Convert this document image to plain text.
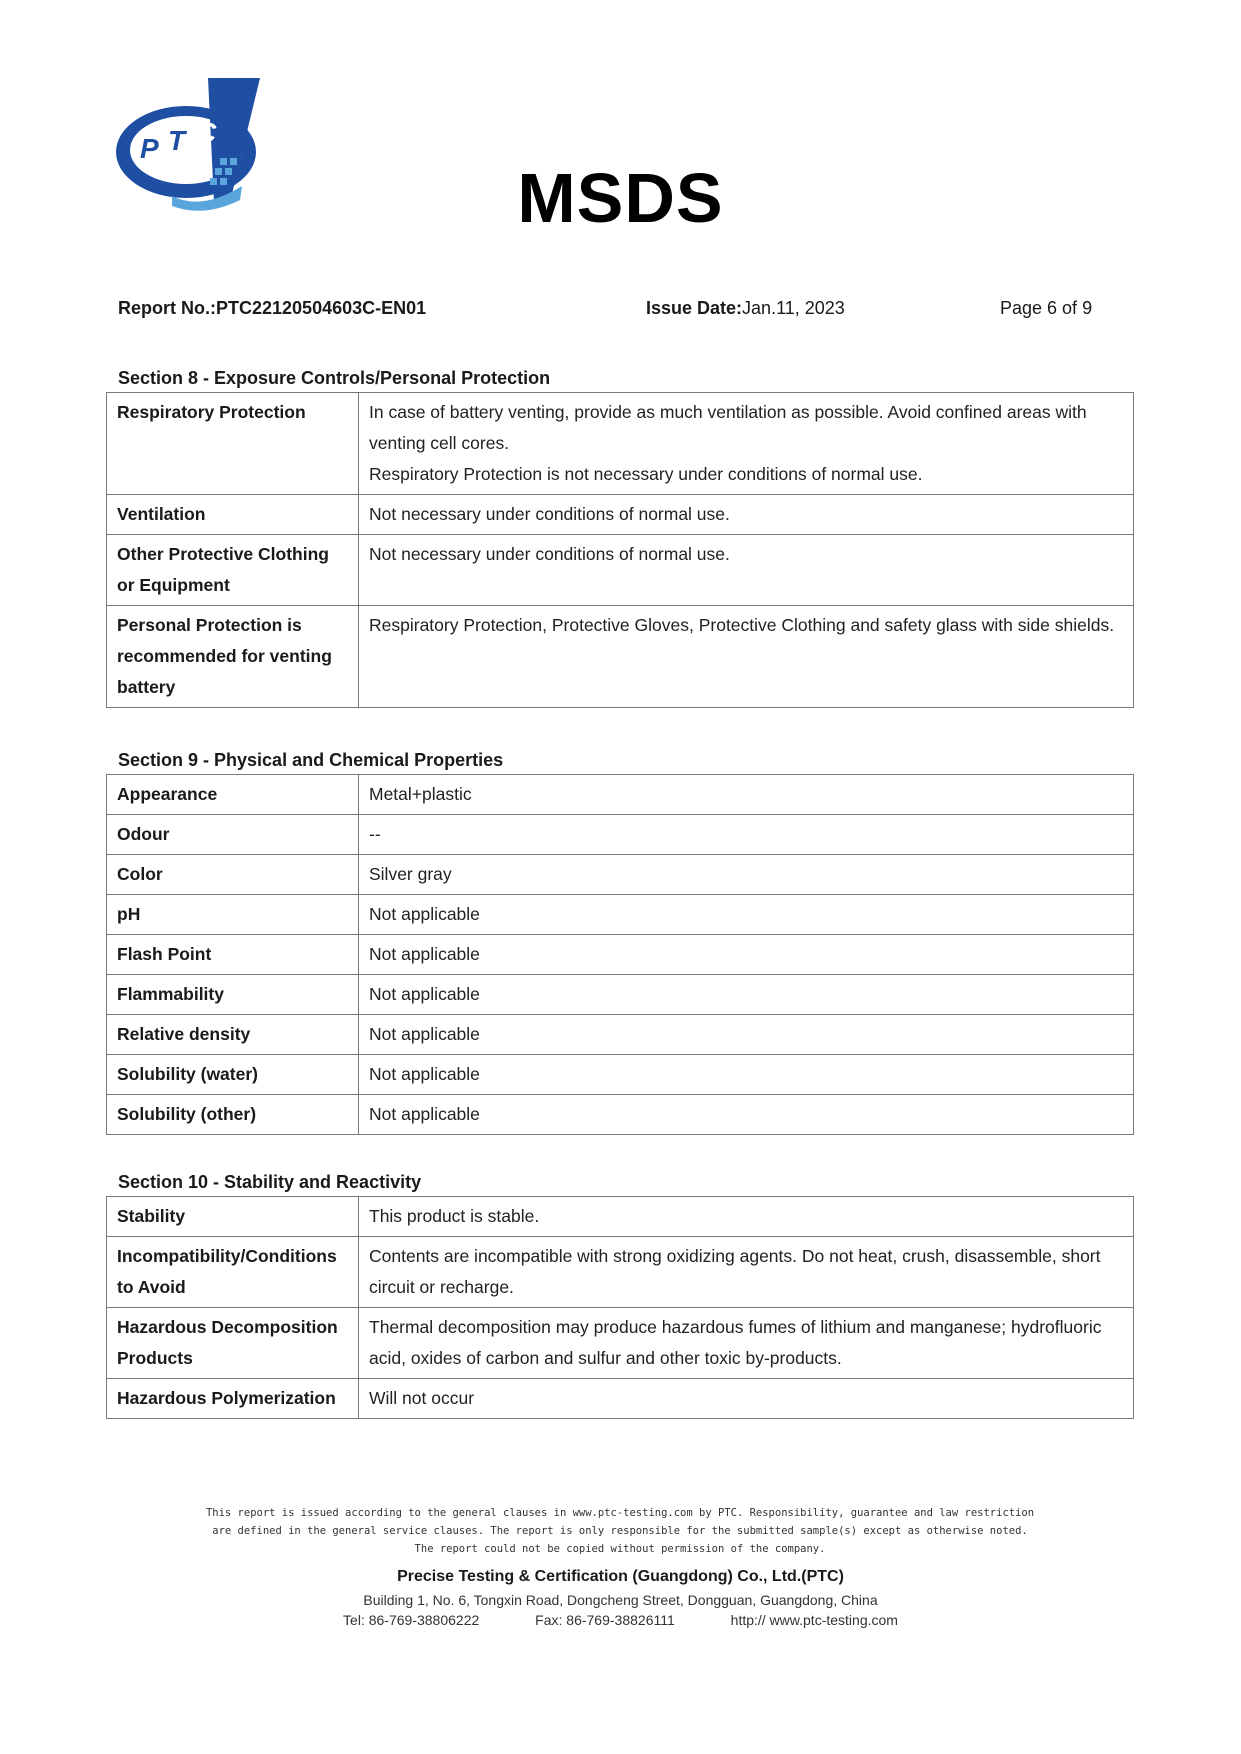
P T C
MSDS
Report No.:PTC22120504603C-EN01	Issue Date:Jan.11, 2023	Page 6 of 9
Section 8 - Exposure Controls/Personal Protection
Respiratory Protection	In case of battery venting, provide as much ventilation as possible. Avoid confined areas with venting cell cores.
Respiratory Protection is not necessary under conditions of normal use.

Ventilation	Not necessary under conditions of normal use.
Other Protective Clothing or Equipment	Not necessary under conditions of normal use.
Personal Protection is recommended for venting battery	Respiratory Protection, Protective Gloves, Protective Clothing and safety glass with side shields.
Section 9 - Physical and Chemical Properties
Appearance	Metal+plastic
Odour	--
Color	Silver gray
pH	Not applicable
Flash Point	Not applicable
Flammability	Not applicable
Relative density	Not applicable
Solubility (water)	Not applicable
Solubility (other)	Not applicable
Section 10 - Stability and Reactivity
Stability	This product is stable.
Incompatibility/Conditions to Avoid	Contents are incompatible with strong oxidizing agents. Do not heat, crush, disassemble, short circuit or recharge.
Hazardous Decomposition Products	Thermal decomposition may produce hazardous fumes of lithium and manganese; hydrofluoric acid, oxides of carbon and sulfur and other toxic by-products.
Hazardous Polymerization	Will not occur
This report is issued according to the general clauses in www.ptc-testing.com by PTC. Responsibility, guarantee and law restriction
are defined in the general service clauses. The report is only responsible for the submitted sample(s) except as otherwise noted.
The report could not be copied without permission of the company.
Precise Testing & Certification (Guangdong) Co., Ltd.(PTC)
Building 1, No. 6, Tongxin Road, Dongcheng Street, Dongguan, Guangdong, China
Tel: 86-769-38806222	Fax: 86-769-38826111	http:// www.ptc-testing.com
